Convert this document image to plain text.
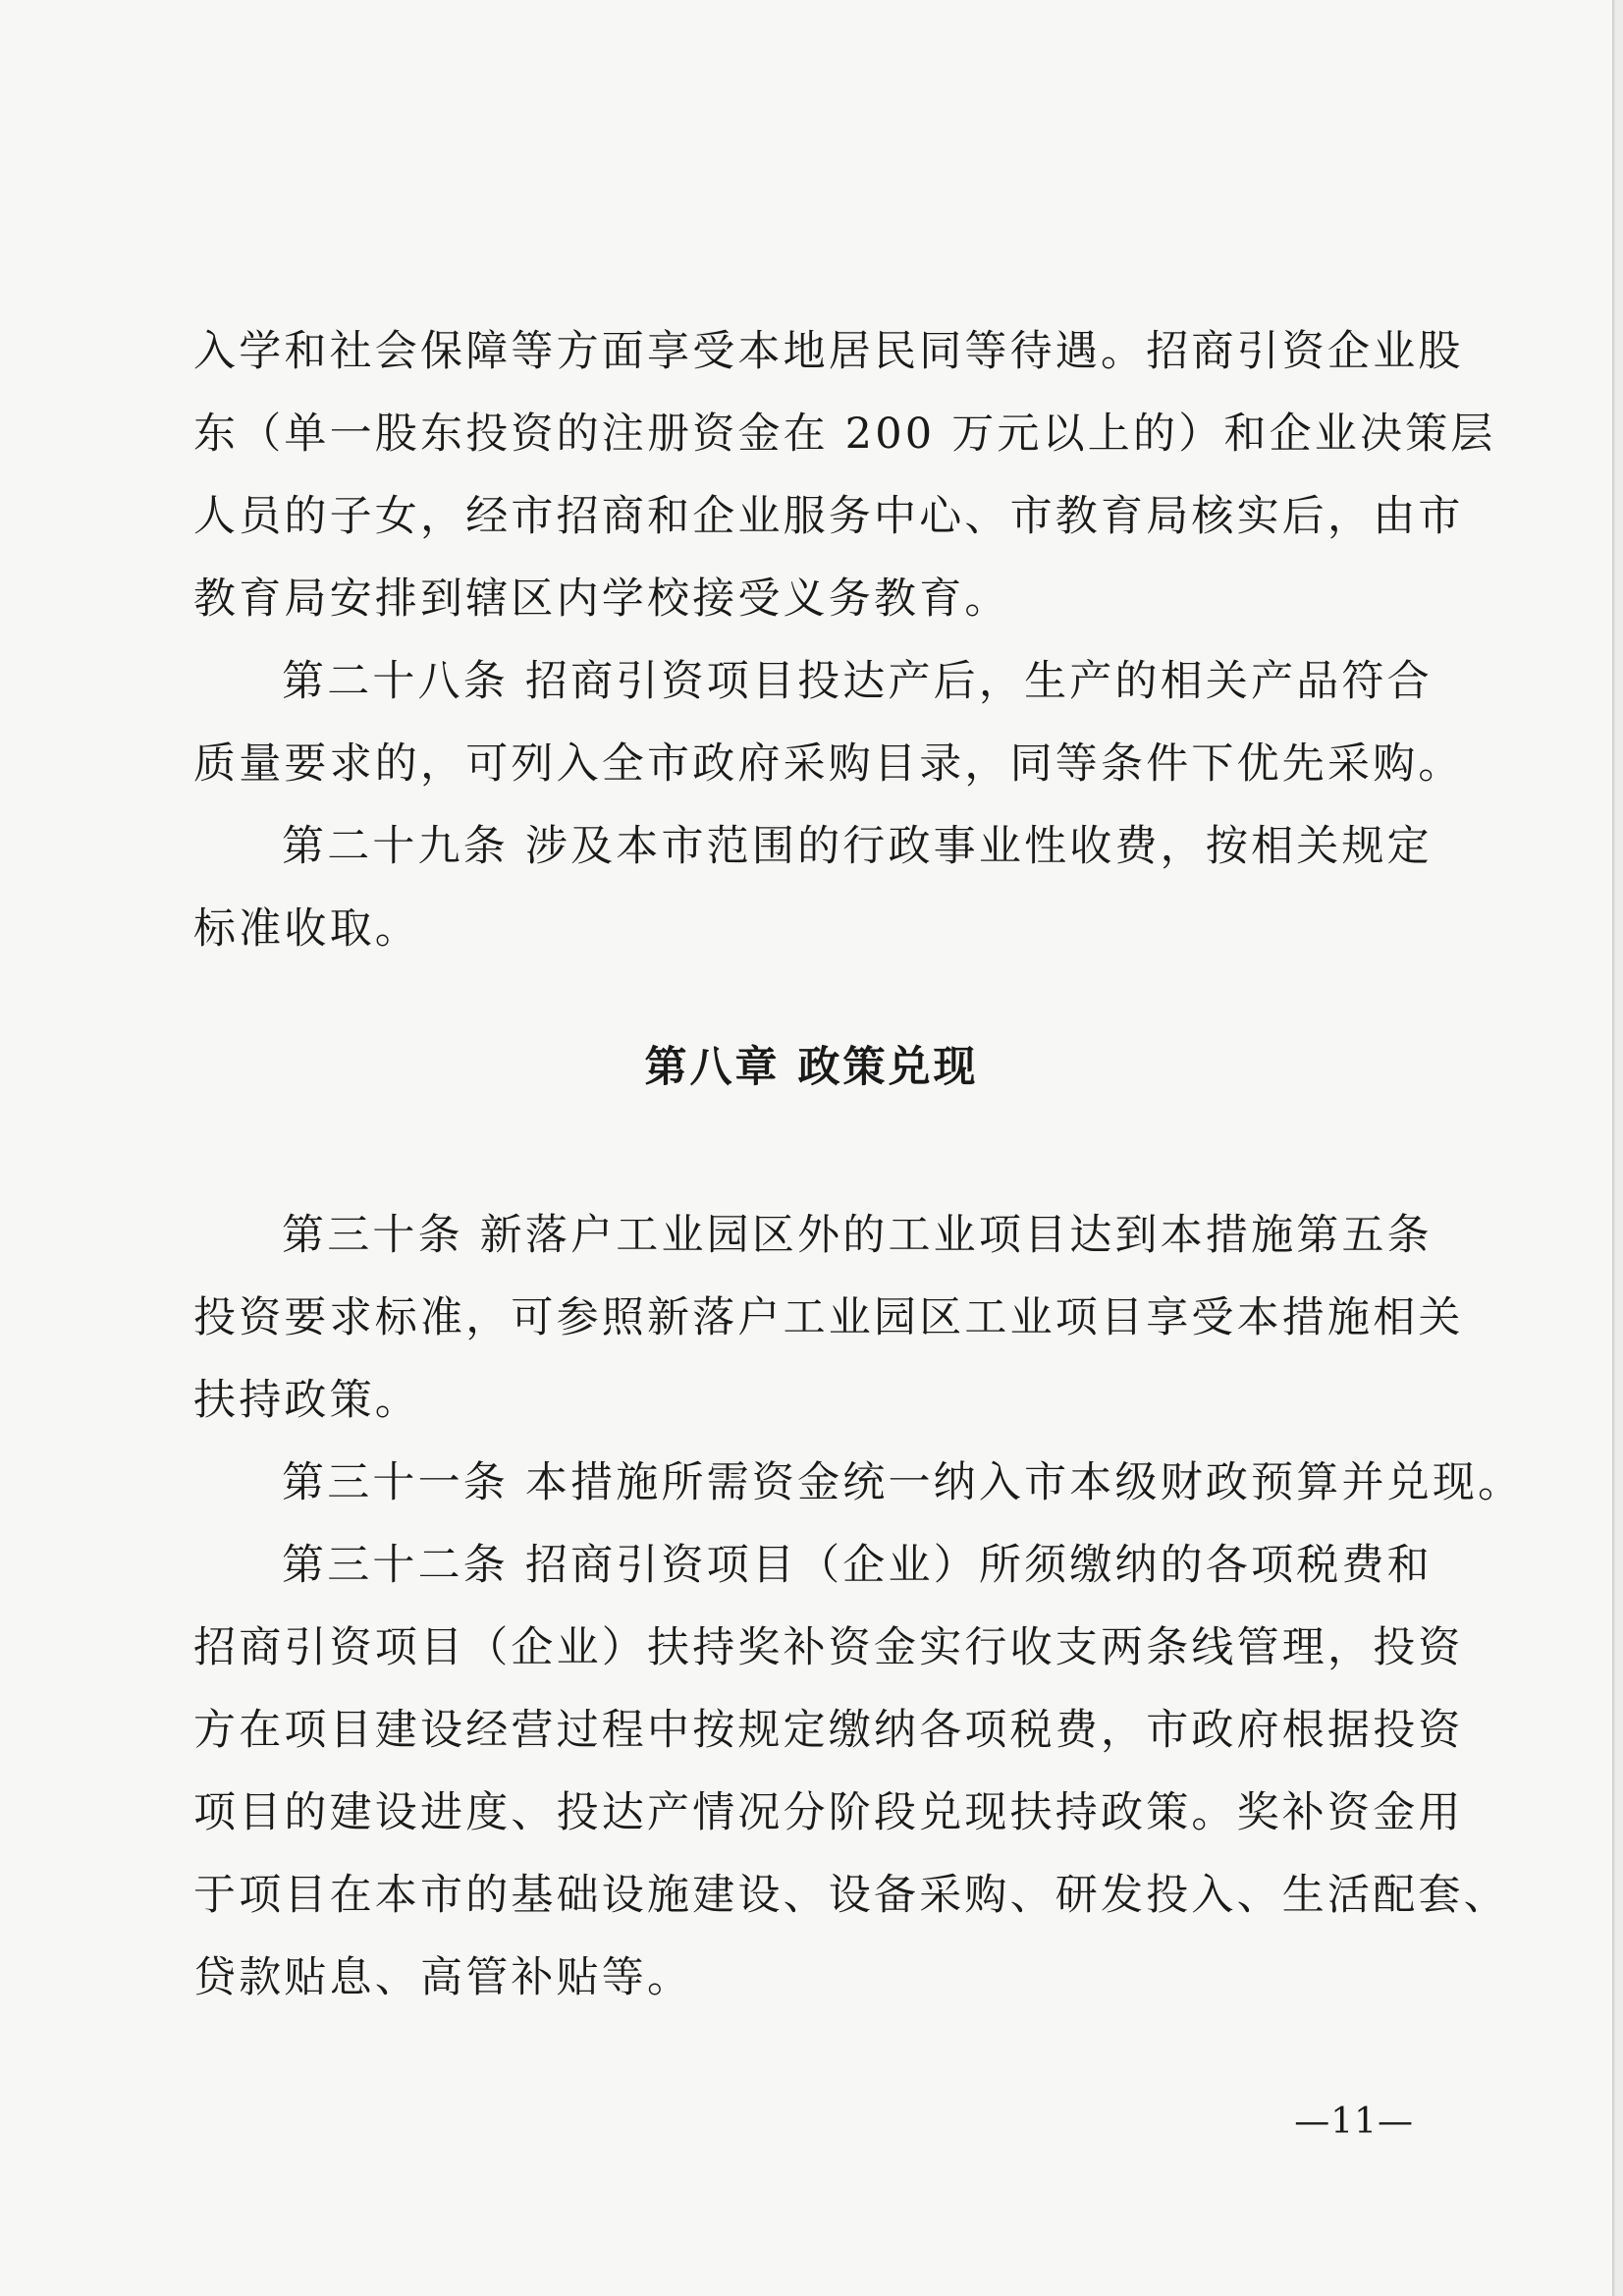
入学和社会保障等方面享受本地居民同等待遇。招商引资企业股
东（单一股东投资的注册资金在 200 万元以上的）和企业决策层
人员的子女，经市招商和企业服务中心、市教育局核实后，由市
教育局安排到辖区内学校接受义务教育。
第二十八条 招商引资项目投达产后，生产的相关产品符合
质量要求的，可列入全市政府采购目录，同等条件下优先采购。
第二十九条 涉及本市范围的行政事业性收费，按相关规定
标准收取。
第八章 政策兑现
第三十条 新落户工业园区外的工业项目达到本措施第五条
投资要求标准，可参照新落户工业园区工业项目享受本措施相关
扶持政策。
第三十一条 本措施所需资金统一纳入市本级财政预算并兑现。
第三十二条 招商引资项目（企业）所须缴纳的各项税费和
招商引资项目（企业）扶持奖补资金实行收支两条线管理，投资
方在项目建设经营过程中按规定缴纳各项税费，市政府根据投资
项目的建设进度、投达产情况分阶段兑现扶持政策。奖补资金用
于项目在本市的基础设施建设、设备采购、研发投入、生活配套、
贷款贴息、高管补贴等。
—11—
